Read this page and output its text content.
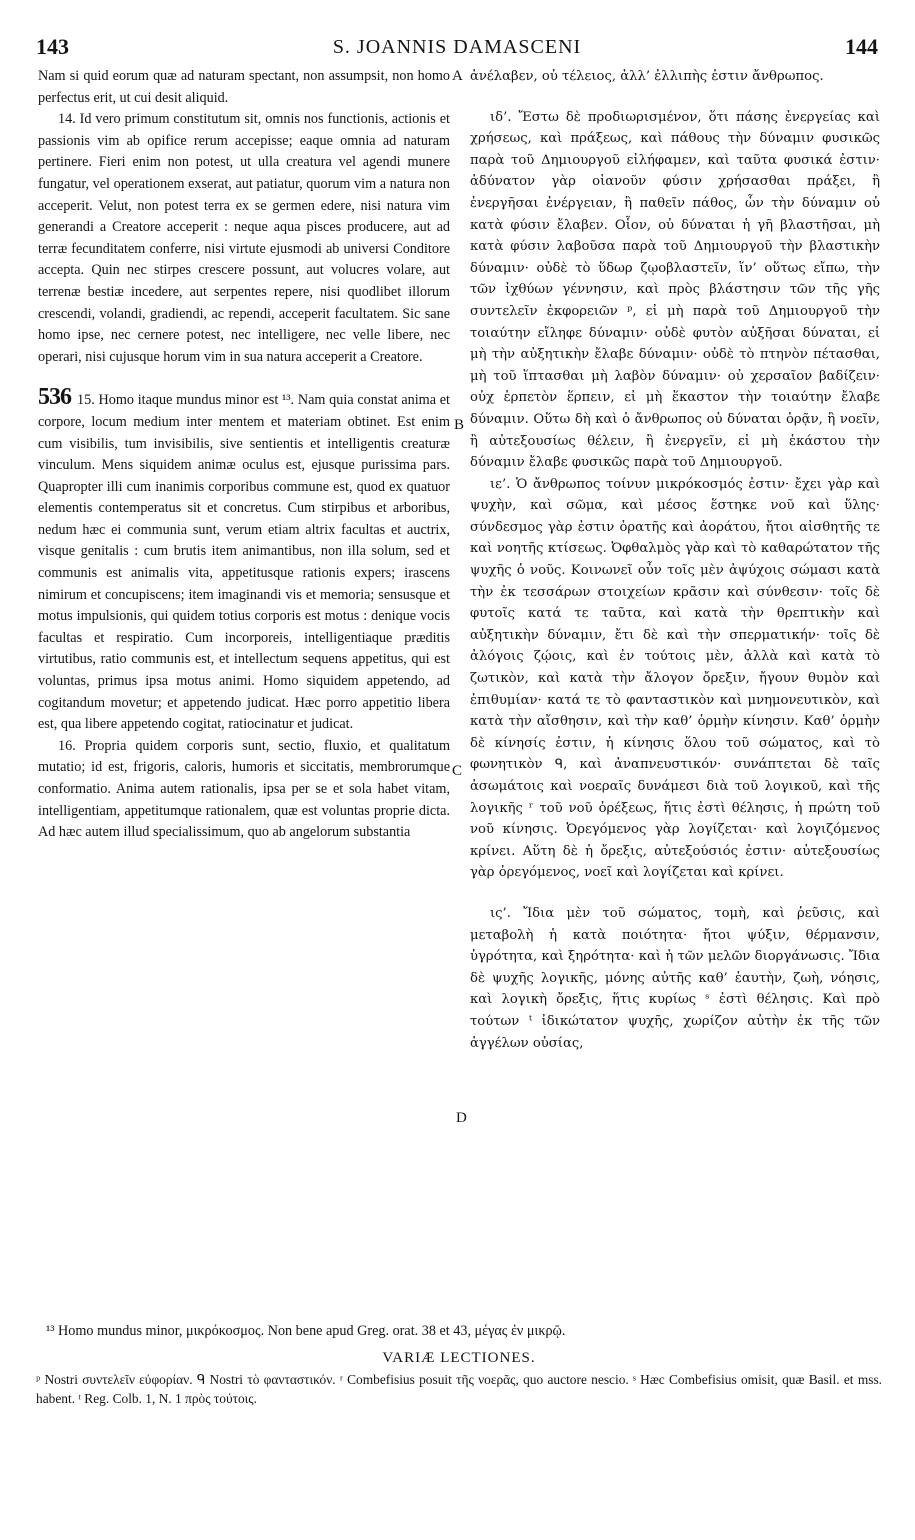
143	S. JOANNIS DAMASCENI	144

Nam si quid eorum quæ ad naturam spectant, non assumpsit, non homo perfectus erit, ut cui desit aliquid.

14. Id vero primum constitutum sit, omnis nos functionis, actionis et passionis vim ab opifice rerum accepisse; eaque omnia ad naturam pertinere. Fieri enim non potest, ut ulla creatura vel agendi munere fungatur, vel operationem exserat, aut patiatur, quorum vim a natura non acceperit. Velut, non potest terra ex se germen edere, nisi natura vim generandi a Creatore acceperit : neque aqua pisces producere, aut ad terræ fecunditatem conferre, nisi virtute ejusmodi ab universi Conditore accepta. Quin nec stirpes crescere possunt, aut volucres volare, aut terrenæ bestiæ incedere, aut serpentes repere, nisi quodlibet illorum crescendi, volandi, gradiendi, ac rependi, acceperit facultatem. Sic sane homo ipse, nec cernere potest, nec intelligere, nec velle libere, nec operari, nisi cujusque horum vim in sua natura acceperit a Creatore.

536 15. Homo itaque mundus minor est ¹³. Nam quia constat anima et corpore, locum medium inter mentem et materiam obtinet. Est enim cum visibilis, tum invisibilis, sive sentientis et intelligentis creaturæ vinculum. Mens siquidem animæ oculus est, ejusque purissima pars. Quapropter illi cum inanimis corporibus commune est, quod ex quatuor elementis contemperatus sit et concretus. Cum stirpibus et arboribus, nedum hæc ei communia sunt, verum etiam altrix facultas et auctrix, visque genitalis : cum brutis item animantibus, non illa solum, sed et communis est animalis vita, appetitusque rationis expers; irascens nimirum et concupiscens; item imaginandi vis et memoria; sensusque et motus impulsionis, qui quidem totius corporis est motus : denique vocis facultas et respiratio. Cum incorporeis, intelligentiaque præditis virtutibus, ratio communis est, et intellectum sequens appetitus, qui est voluntas, primus ipsa motus animi. Homo siquidem appetendo, ad cogitandum movetur; et appetendo judicat. Hæc porro appetitio libera est, qua libere appetendo cogitat, ratiocinatur et judicat.

16. Propria quidem corporis sunt, sectio, fluxio, et qualitatum mutatio; id est, frigoris, caloris, humoris et siccitatis, membrorumque conformatio. Anima autem rationalis, ipsa per se et sola habet vitam, intelligentiam, appetitumque rationalem, quæ est voluntas proprie dicta. Ad hæc autem illud specialissimum, quo ab angelorum substantia

A
B
C
D

ἀνέλαβεν, οὐ τέλειος, ἀλλ’ ἐλλιπὴς ἐστιν ἄνθρωπος.

ιδ’. Ἔστω δὲ προδιωρισμένον, ὅτι πάσης ἐνεργείας καὶ χρήσεως, καὶ πράξεως, καὶ πάθους τὴν δύναμιν φυσικῶς παρὰ τοῦ Δημιουργοῦ εἰλήφαμεν, καὶ ταῦτα φυσικά ἐστιν· ἀδύνατον γὰρ οἱανοῦν φύσιν χρήσασθαι πράξει, ἢ ἐνεργῆσαι ἐνέργειαν, ἢ παθεῖν πάθος, ὧν τὴν δύναμιν οὐ κατὰ φύσιν ἔλαβεν. Οἷον, οὐ δύναται ἡ γῆ βλαστῆσαι, μὴ κατὰ φύσιν λαβοῦσα παρὰ τοῦ Δημιουργοῦ τὴν βλαστικὴν δύναμιν· οὐδὲ τὸ ὕδωρ ζῳοβλαστεῖν, ἵν’ οὕτως εἴπω, τὴν τῶν ἰχθύων γέννησιν, καὶ πρὸς βλάστησιν τῶν τῆς γῆς συντελεῖν ἐκφορειῶν ᵖ, εἰ μὴ παρὰ τοῦ Δημιουργοῦ τὴν τοιαύτην εἴληφε δύναμιν· οὐδὲ φυτὸν αὐξῆσαι δύναται, εἰ μὴ τὴν αὐξητικὴν ἔλαβε δύναμιν· οὐδὲ τὸ πτηνὸν πέτασθαι, μὴ τοῦ ἵπτασθαι μὴ λαβὸν δύναμιν· οὐ χερσαῖον βαδίζειν· οὐχ ἑρπετὸν ἕρπειν, εἰ μὴ ἕκαστον τὴν τοιαύτην ἔλαβε δύναμιν. Οὕτω δὴ καὶ ὁ ἄνθρωπος οὐ δύναται ὁρᾷν, ἢ νοεῖν, ἢ αὐτεξουσίως θέλειν, ἢ ἐνεργεῖν, εἰ μὴ ἑκάστου τὴν δύναμιν ἔλαβε φυσικῶς παρὰ τοῦ Δημιουργοῦ.

ιε’. Ὁ ἄνθρωπος τοίνυν μικρόκοσμός ἐστιν· ἔχει γὰρ καὶ ψυχὴν, καὶ σῶμα, καὶ μέσος ἕστηκε νοῦ καὶ ὕλης· σύνδεσμος γὰρ ἐστιν ὁρατῆς καὶ ἀοράτου, ἤτοι αἰσθητῆς τε καὶ νοητῆς κτίσεως. Ὀφθαλμὸς γὰρ καὶ τὸ καθαρώτατον τῆς ψυχῆς ὁ νοῦς. Κοινωνεῖ οὖν τοῖς μὲν ἀψύχοις σώμασι κατὰ τὴν ἐκ τεσσάρων στοιχείων κρᾶσιν καὶ σύνθεσιν· τοῖς δὲ φυτοῖς κατά τε ταῦτα, καὶ κατὰ τὴν θρεπτικὴν καὶ αὐξητικὴν δύναμιν, ἔτι δὲ καὶ τὴν σπερματικήν· τοῖς δὲ ἀλόγοις ζῴοις, καὶ ἐν τούτοις μὲν, ἀλλὰ καὶ κατὰ τὸ ζωτικὸν, καὶ κατὰ τὴν ἄλογον ὄρεξιν, ἤγουν θυμὸν καὶ ἐπιθυμίαν· κατά τε τὸ φανταστικὸν καὶ μνημονευτικὸν, καὶ κατὰ τὴν αἴσθησιν, καὶ τὴν καθ’ ὁρμὴν κίνησιν. Καθ’ ὁρμὴν δὲ κίνησίς ἐστιν, ἡ κίνησις ὅλου τοῦ σώματος, καὶ τὸ φωνητικὸν ᑫ, καὶ ἀναπνευστικόν· συνάπτεται δὲ ταῖς ἀσωμάτοις καὶ νοεραῖς δυνάμεσι διὰ τοῦ λογικοῦ, καὶ τῆς λογικῆς ʳ τοῦ νοῦ ὀρέξεως, ἥτις ἐστὶ θέλησις, ἡ πρώτη τοῦ νοῦ κίνησις. Ὀρεγόμενος γὰρ λογίζεται· καὶ λογιζόμενος κρίνει. Αὕτη δὲ ἡ ὄρεξις, αὐτεξούσιός ἐστιν· αὐτεξουσίως γὰρ ὀρεγόμενος, νοεῖ καὶ λογίζεται καὶ κρίνει.

ις’. Ἴδια μὲν τοῦ σώματος, τομὴ, καὶ ῥεῦσις, καὶ μεταβολὴ ἡ κατὰ ποιότητα· ἤτοι ψύξιν, θέρμανσιν, ὑγρότητα, καὶ ξηρότητα· καὶ ἡ τῶν μελῶν διοργάνωσις. Ἴδια δὲ ψυχῆς λογικῆς, μόνης αὐτῆς καθ’ ἑαυτὴν, ζωὴ, νόησις, καὶ λογικὴ ὄρεξις, ἥτις κυρίως ˢ ἐστὶ θέλησις. Καὶ πρὸ τούτων ᵗ ἰδικώτατον ψυχῆς, χωρίζον αὐτὴν ἐκ τῆς τῶν ἀγγέλων οὐσίας,

¹³ Homo mundus minor, μικρόκοσμος. Non bene apud Greg. orat. 38 et 43, μέγας ἐν μικρῷ.

VARIÆ LECTIONES.

ᵖ Nostri συντελεῖν εὐφορίαν. ᑫ Nostri τὸ φανταστικόν. ʳ Combefisius posuit τῆς νοερᾶς, quo auctore nescio. ˢ Hæc Combefisius omisit, quæ Basil. et mss. habent. ᵗ Reg. Colb. 1, N. 1 πρὸς τούτοις.
